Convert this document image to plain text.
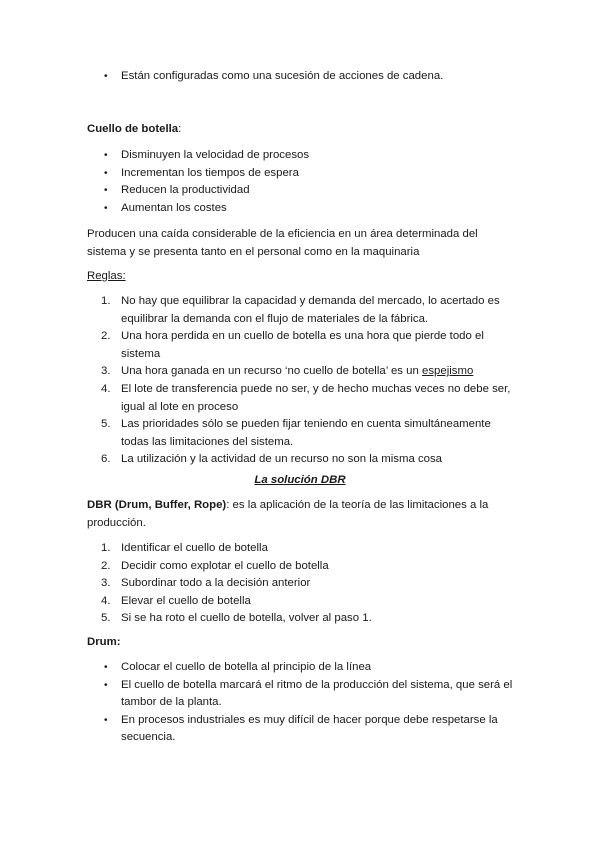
• Están configuradas como una sucesión de acciones de cadena.
Cuello de botella:
• Disminuyen la velocidad de procesos
• Incrementan los tiempos de espera
• Reducen la productividad
• Aumentan los costes

Producen una caída considerable de la eficiencia en un área determinada del sistema y se presenta tanto en el personal como en la maquinaria

Reglas:
1. No hay que equilibrar la capacidad y demanda del mercado, lo acertado es equilibrar la demanda con el flujo de materiales de la fábrica.
2. Una hora perdida en un cuello de botella es una hora que pierde todo el sistema
3. Una hora ganada en un recurso ‘no cuello de botella’ es un espejismo
4. El lote de transferencia puede no ser, y de hecho muchas veces no debe ser, igual al lote en proceso
5. Las prioridades sólo se pueden fijar teniendo en cuenta simultáneamente todas las limitaciones del sistema.
6. La utilización y la actividad de un recurso no son la misma cosa
La solución DBR

DBR (Drum, Buffer, Rope): es la aplicación de la teoría de las limitaciones a la producción.

1. Identificar el cuello de botella
2. Decidir como explotar el cuello de botella
3. Subordinar todo a la decisión anterior
4. Elevar el cuello de botella
5. Si se ha roto el cuello de botella, volver al paso 1.
Drum:
• Colocar el cuello de botella al principio de la línea
• El cuello de botella marcará el ritmo de la producción del sistema, que será el tambor de la planta.
• En procesos industriales es muy difícil de hacer porque debe respetarse la secuencia.
